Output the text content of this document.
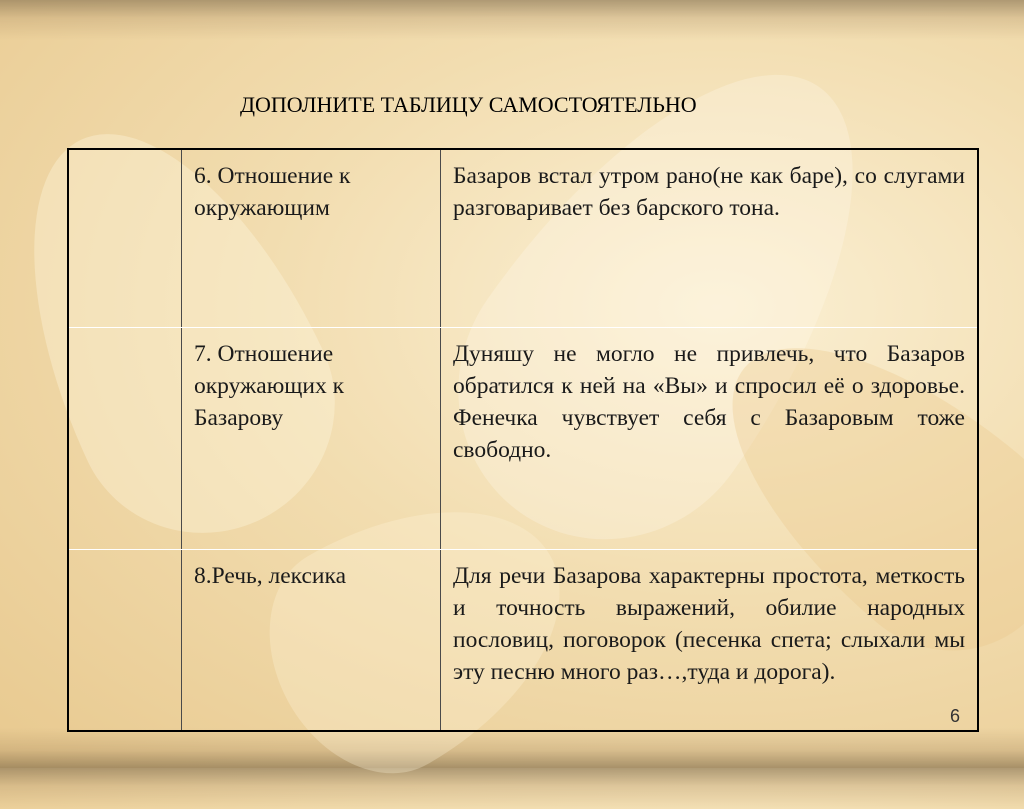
ДОПОЛНИТЕ ТАБЛИЦУ САМОСТОЯТЕЛЬНО
	6. Отношение к окружающим	Базаров встал утром рано(не как баре), со слугами разговаривает без барского тона.
	7. Отношение окружающих к Базарову	Дуняшу не могло не привлечь, что Базаров обратился к ней на «Вы» и спросил её о здоровье. Фенечка чувствует себя с Базаровым тоже свободно.
	8.Речь, лексика	Для речи Базарова характерны простота, меткость и точность выражений, обилие народных пословиц, поговорок (песенка спета; слыхали мы эту песню много раз…,туда и дорога).
6
